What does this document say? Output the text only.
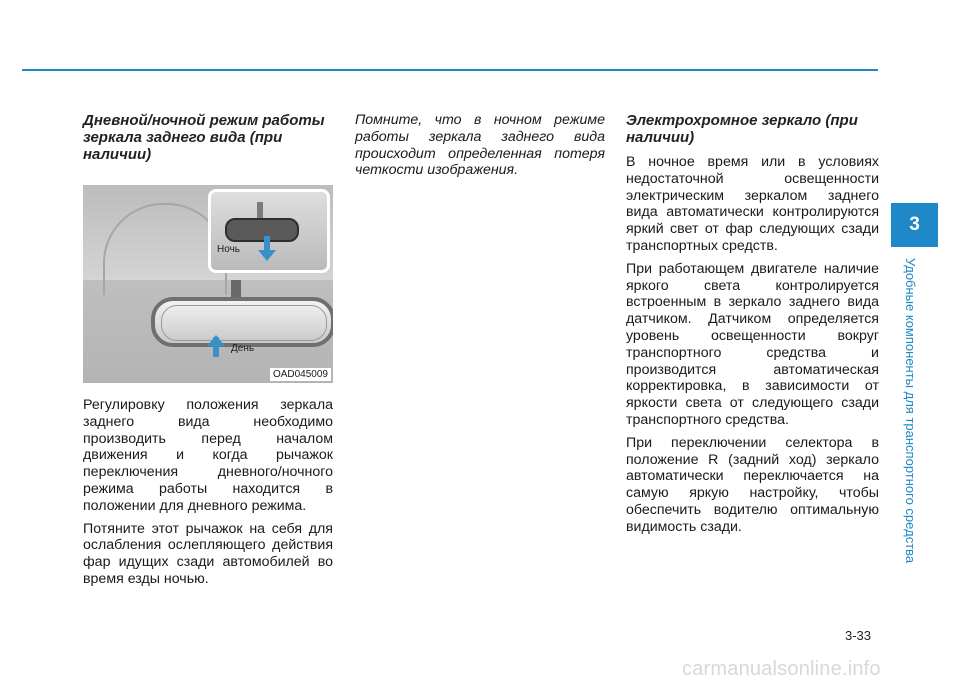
Дневной/ночной режим работы зеркала заднего вида (при наличии)
Ночь
День
OAD045009

Регулировку положения зеркала заднего вида необходимо производить перед началом движения и когда рычажок переключения дневного/ночного режима работы находится в положении для дневного режима.

Потяните этот рычажок на себя для ослабления ослепляющего действия фар идущих сзади автомобилей во время езды ночью.

Помните, что в ночном режиме работы зеркала заднего вида происходит определенная потеря четкости изображения.

Электрохромное зеркало (при наличии)

В ночное время или в условиях недостаточной освещенности электрическим зеркалом заднего вида автоматически контролируются яркий свет от фар следующих сзади транспортных средств.

При работающем двигателе наличие яркого света контролируется встроенным в зеркало заднего вида датчиком. Датчиком определяется уровень освещенности вокруг транспортного средства и производится автоматическая корректировка, в зависимости от яркости света от следующего сзади транспортного средства.

При переключении селектора в положение R (задний ход) зеркало автоматически переключается на самую яркую настройку, чтобы обеспечить водителю оптимальную видимость сзади.

3
Удобные компоненты для транспортного средства
3-33
carmanualsonline.info
